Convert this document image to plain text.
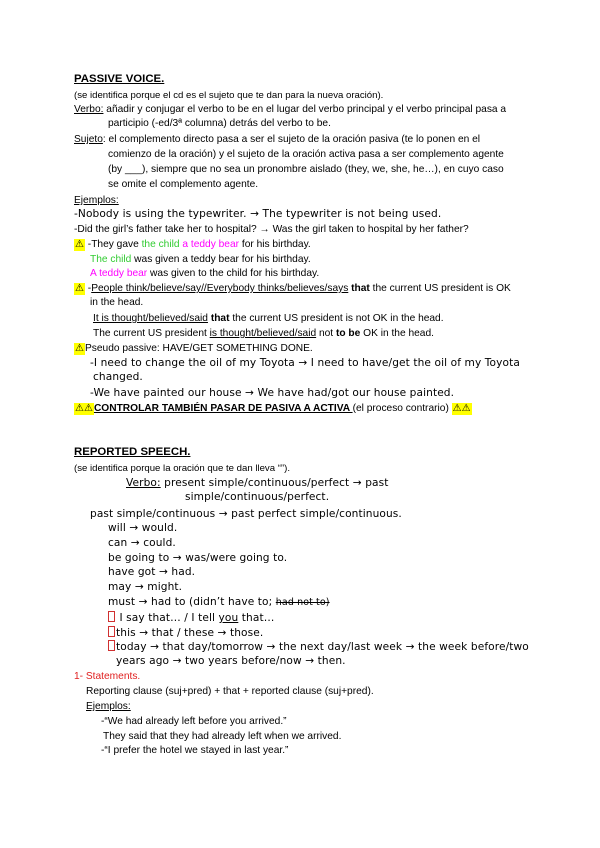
PASSIVE VOICE.
(se identifica porque el cd es el sujeto que te dan para la nueva oración).
Verbo: añadir y conjugar el verbo to be en el lugar del verbo principal y el verbo principal pasa a
participio (-ed/3ª columna) detrás del verbo to be.
Sujeto: el complemento directo pasa a ser el sujeto de la oración pasiva (te lo ponen en el
comienzo de la oración) y el sujeto de la oración activa pasa a ser complemento agente
(by ___), siempre que no sea un pronombre aislado (they, we, she, he…), en cuyo caso
se omite el complemento agente.
Ejemplos:
-Nobody is using the typewriter. → The typewriter is not being used.
-Did the girl’s father take her to hospital? → Was the girl taken to hospital by her father?
⚠ -They gave the child a teddy bear for his birthday.
The child was given a teddy bear for his birthday.
A teddy bear was given to the child for his birthday.
⚠ -People think/believe/say//Everybody thinks/believes/says that the current US president is OK
in the head.
It is thought/believed/said that the current US president is not OK in the head.
The current US president is thought/believed/said not to be OK in the head.
⚠Pseudo passive: HAVE/GET SOMETHING DONE.
-I need to change the oil of my Toyota → I need to have/get the oil of my Toyota
changed.
-We have painted our house → We have had/got our house painted.
⚠⚠CONTROLAR TAMBIÉN PASAR DE PASIVA A ACTIVA (el proceso contrario) ⚠⚠
REPORTED SPEECH.
(se identifica porque la oración que te dan lleva “”).
Verbo: present simple/continuous/perfect → past
simple/continuous/perfect.
past simple/continuous → past perfect simple/continuous.
will → would.
can → could.
be going to → was/were going to.
have got → had.
may → might.
must → had to (didn’t have to; had not to)
I say that… / I tell you that…
this → that / these → those.
today → that day/tomorrow → the next day/last week → the week before/two
years ago → two years before/now → then.
1- Statements.
Reporting clause (suj+pred) + that + reported clause (suj+pred).
Ejemplos:
-“We had already left before you arrived.”
They said that they had already left when we arrived.
-“I prefer the hotel we stayed in last year.”
